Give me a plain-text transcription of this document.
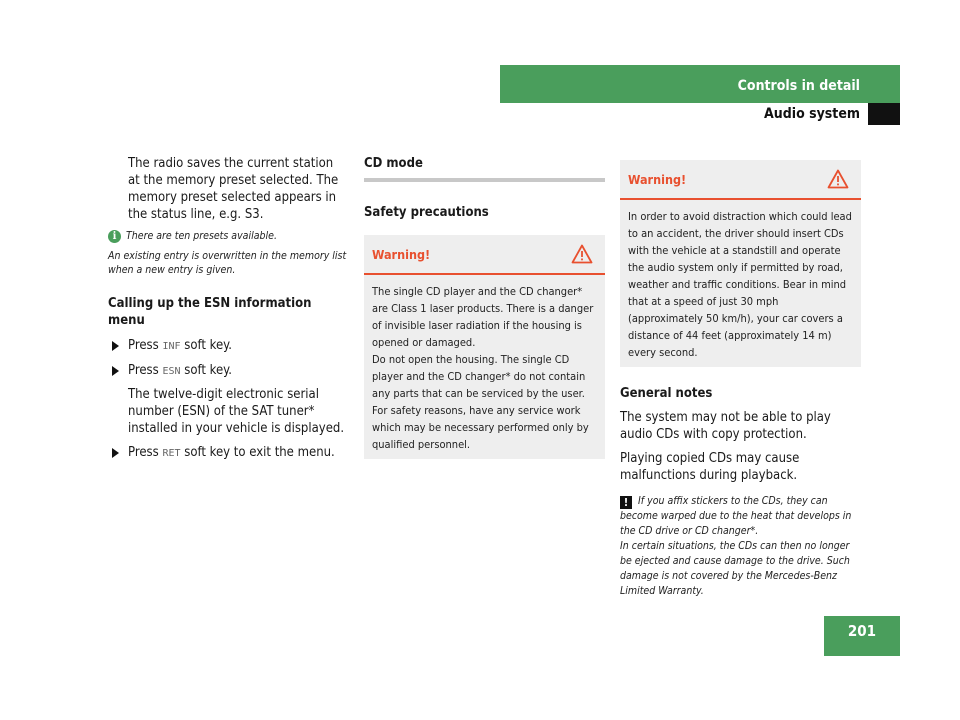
Controls in detail
Audio system

The radio saves the current station at the memory preset selected. The memory preset selected appears in the status line, e.g. S3.

i There are ten presets available.
An existing entry is overwritten in the memory list when a new entry is given.
Calling up the ESN information menu
Press INF soft key.
Press ESN soft key.

The twelve-digit electronic serial number (ESN) of the SAT tuner* installed in your vehicle is displayed.

Press RET soft key to exit the menu.
CD mode
Safety precautions
Warning!

The single CD player and the CD changer* are Class 1 laser products. There is a danger of invisible laser radiation if the housing is opened or damaged.

Do not open the housing. The single CD player and the CD changer* do not contain any parts that can be serviced by the user. For safety reasons, have any service work which may be necessary performed only by qualified personnel.

Warning!

In order to avoid distraction which could lead to an accident, the driver should insert CDs with the vehicle at a standstill and operate the audio system only if permitted by road, weather and traffic conditions. Bear in mind that at a speed of just 30 mph (approximately 50 km/h), your car covers a distance of 44 feet (approximately 14 m) every second.

General notes

The system may not be able to play audio CDs with copy protection.

Playing copied CDs may cause malfunctions during playback.

! If you affix stickers to the CDs, they can become warped due to the heat that develops in the CD drive or CD changer*.
In certain situations, the CDs can then no longer be ejected and cause damage to the drive. Such damage is not covered by the Mercedes-Benz Limited Warranty.
201
